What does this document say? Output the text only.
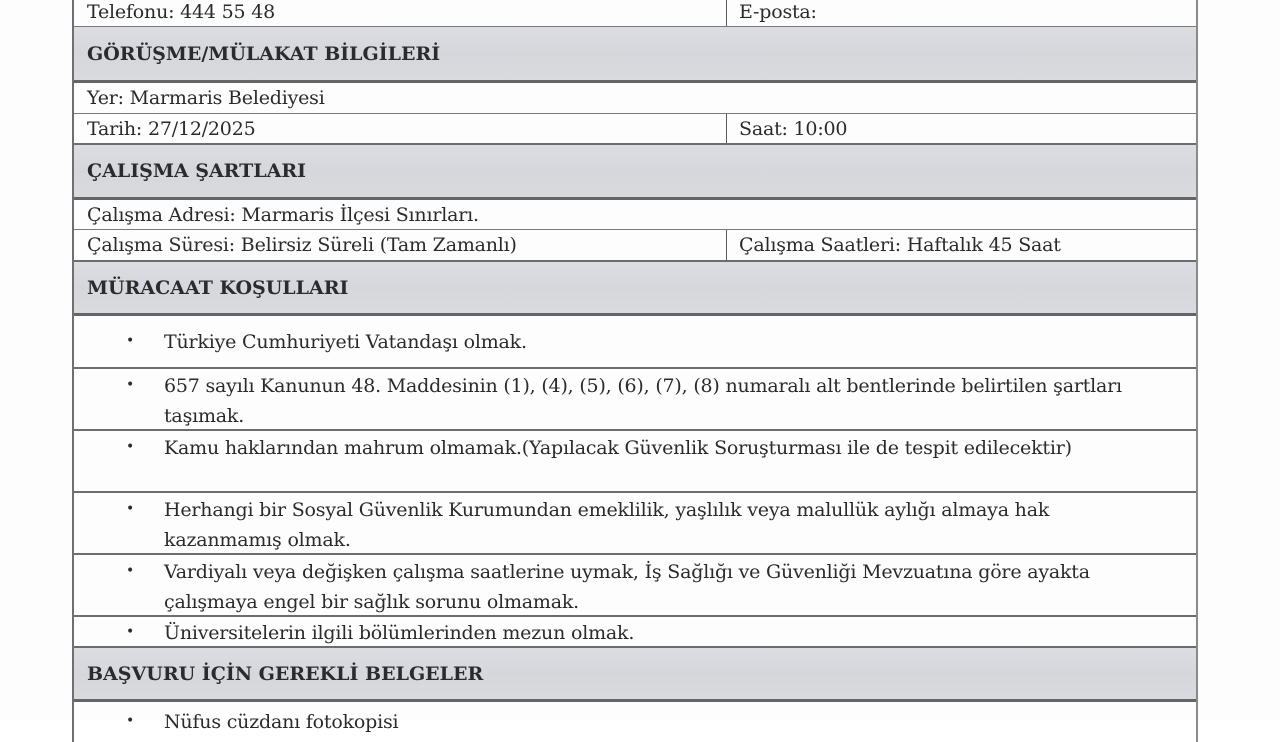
Telefonu: 444 55 48	E-posta:
GÖRÜŞME/MÜLAKAT BİLGİLERİ
Yer: Marmaris Belediyesi
Tarih: 27/12/2025	Saat: 10:00
ÇALIŞMA ŞARTLARI
Çalışma Adresi: Marmaris İlçesi Sınırları.
Çalışma Süresi: Belirsiz Süreli (Tam Zamanlı)	Çalışma Saatleri: Haftalık 45 Saat
MÜRACAAT KOŞULLARI
•	Türkiye Cumhuriyeti Vatandaşı olmak.
•	657 sayılı Kanunun 48. Maddesinin (1), (4), (5), (6), (7), (8) numaralı alt bentlerinde belirtilen şartları taşımak.
•	Kamu haklarından mahrum olmamak.(Yapılacak Güvenlik Soruşturması ile de tespit edilecektir)
•	Herhangi bir Sosyal Güvenlik Kurumundan emeklilik, yaşlılık veya malullük aylığı almaya hak kazanmamış olmak.
•	Vardiyalı veya değişken çalışma saatlerine uymak, İş Sağlığı ve Güvenliği Mevzuatına göre ayakta çalışmaya engel bir sağlık sorunu olmamak.
•	Üniversitelerin ilgili bölümlerinden mezun olmak.
BAŞVURU İÇİN GEREKLİ BELGELER
•	Nüfus cüzdanı fotokopisi
